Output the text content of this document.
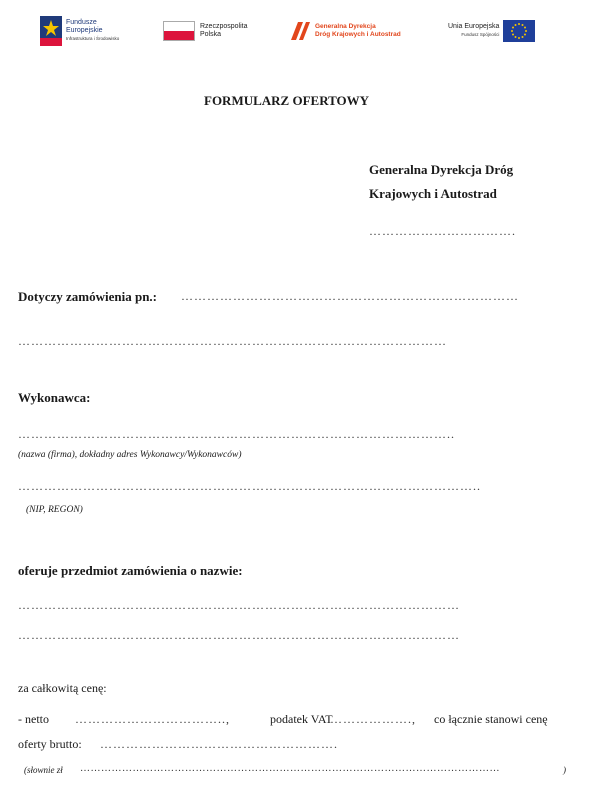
Fundusze
Europejskie
Infrastruktura i Środowisko
Rzeczpospolita
Polska
Generalna Dyrekcja
Dróg Krajowych i Autostrad
Unia Europejska
Fundusz Spójności
FORMULARZ OFERTOWY
Generalna Dyrekcja Dróg
Krajowych i Autostrad
…………………………….
Dotyczy zamówienia pn.: ……………………………………………………………………
………………………………………………………………………………………
Wykonawca:
………………………………………………………………………………………..
(nazwa (firma), dokładny adres Wykonawcy/Wykonawców)
……………………………………………………………………………………………..
(NIP, REGON)
oferuje przedmiot zamówienia o nazwie:
…………………………………………………………………………………………
…………………………………………………………………………………………
za całkowitą cenę:
- netto ……………………………..,	podatek VAT
……………….,	co łącznie stanowi cenę
oferty brutto: ……………………………………………….
(słownie zł …………………………………………………………………………………………………………	)
